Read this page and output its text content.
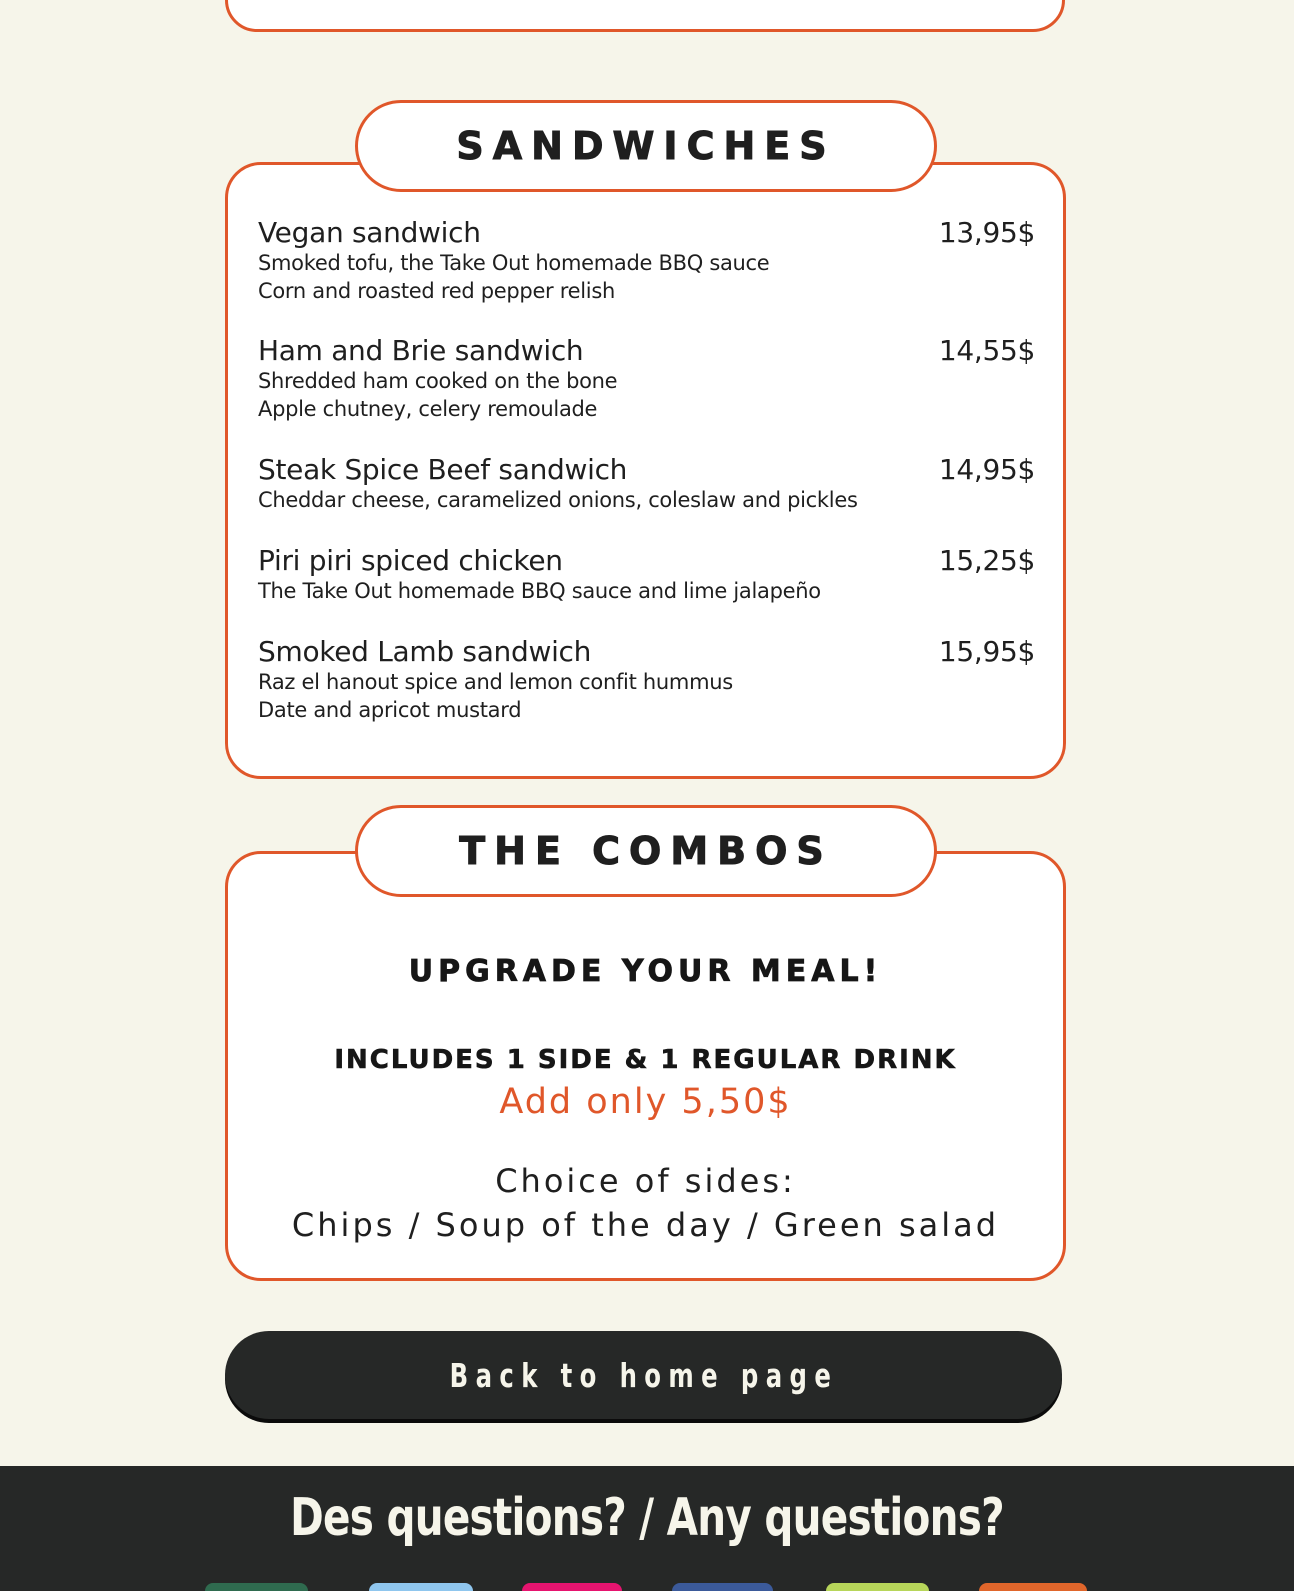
Vegan sandwich	13,95$
Smoked tofu, the Take Out homemade BBQ sauce
Corn and roasted red pepper relish
Ham and Brie sandwich	14,55$
Shredded ham cooked on the bone
Apple chutney, celery remoulade
Steak Spice Beef sandwich	14,95$
Cheddar cheese, caramelized onions, coleslaw and pickles
Piri piri spiced chicken	15,25$
The Take Out homemade BBQ sauce and lime jalapeño
Smoked Lamb sandwich	15,95$
Raz el hanout spice and lemon confit hummus
Date and apricot mustard
SANDWICHES
UPGRADE YOUR MEAL!
INCLUDES 1 SIDE & 1 REGULAR DRINK
Add only 5,50$
Choice of sides:
Chips / Soup of the day / Green salad
THE COMBOS
Back to home page
Des questions? / Any questions?
